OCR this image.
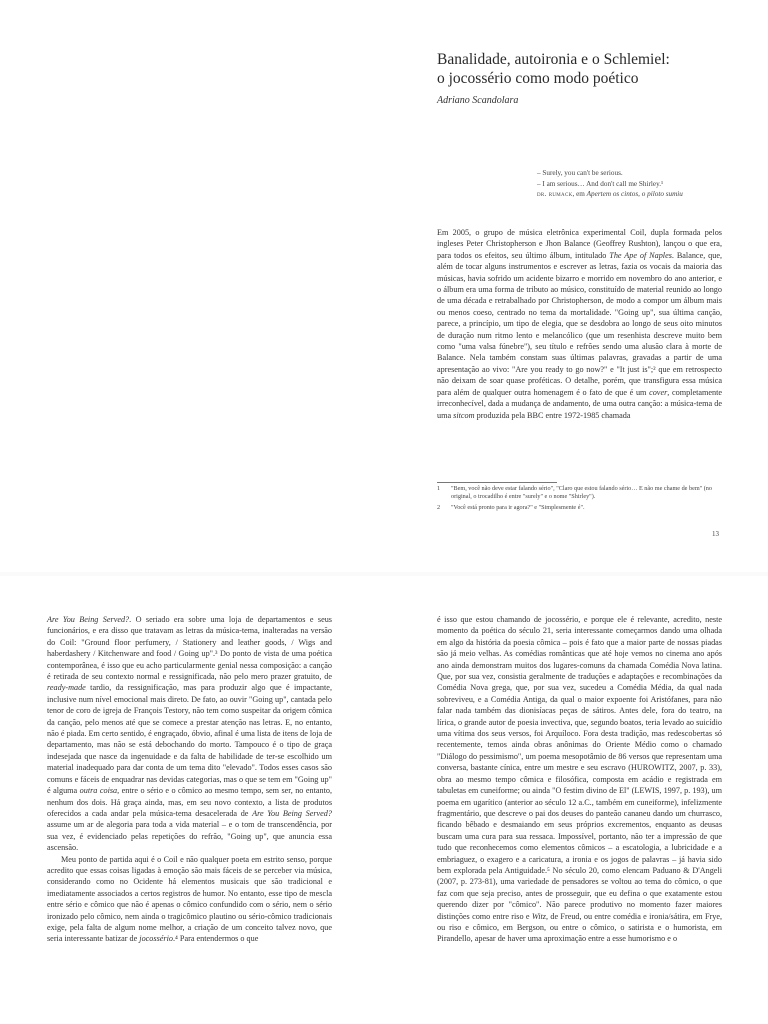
Banalidade, autoironia e o Schlemiel:
o jocossério como modo poético
Adriano Scandolara
– Surely, you can't be serious.
– I am serious… And don't call me Shirley.¹
dr. rumack, em Apertem os cintos, o piloto sumiu

Em 2005, o grupo de música eletrônica experimental Coil, dupla formada pelos ingleses Peter Christopherson e Jhon Balance (Geoffrey Rushton), lançou o que era, para todos os efeitos, seu último álbum, intitulado The Ape of Naples. Balance, que, além de tocar alguns instrumentos e escrever as letras, fazia os vocais da maioria das músicas, havia sofrido um acidente bizarro e morrido em novembro do ano anterior, e o álbum era uma forma de tributo ao músico, constituído de material reunido ao longo de uma década e retrabalhado por Christopherson, de modo a compor um álbum mais ou menos coeso, centrado no tema da mortalidade. "Going up", sua última canção, parece, a princípio, um tipo de elegia, que se desdobra ao longo de seus oito minutos de duração num ritmo lento e melancólico (que um resenhista descreve muito bem como "uma valsa fúnebre"), seu título e refrões sendo uma alusão clara à morte de Balance. Nela também constam suas últimas palavras, gravadas a partir de uma apresentação ao vivo: "Are you ready to go now?" e "It just is";² que em retrospecto não deixam de soar quase proféticas. O detalhe, porém, que transfigura essa música para além de qualquer outra homenagem é o fato de que é um cover, completamente irreconhecível, dada a mudança de andamento, de uma outra canção: a música-tema de uma sitcom produzida pela BBC entre 1972-1985 chamada

1	"Bem, você não deve estar falando sério", "Claro que estou falando sério… E não me chame de bem" (no original, o trocadilho é entre "surely" e o nome "Shirley").
2	"Você está pronto para ir agora?" e "Simplesmente é".
13

Are You Being Served?. O seriado era sobre uma loja de departamentos e seus funcionários, e era disso que tratavam as letras da música-tema, inalteradas na versão do Coil: "Ground floor perfumery, / Stationery and leather goods, / Wigs and haberdashery / Kitchenware and food / Going up".³ Do ponto de vista de uma poética contemporânea, é isso que eu acho particularmente genial nessa composição: a canção é retirada de seu contexto normal e ressignificada, não pelo mero prazer gratuito, de ready-made tardio, da ressignificação, mas para produzir algo que é impactante, inclusive num nível emocional mais direto. De fato, ao ouvir "Going up", cantada pelo tenor de coro de igreja de François Testory, não tem como suspeitar da origem cômica da canção, pelo menos até que se comece a prestar atenção nas letras. E, no entanto, não é piada. Em certo sentido, é engraçado, óbvio, afinal é uma lista de itens de loja de departamento, mas não se está debochando do morto. Tampouco é o tipo de graça indesejada que nasce da ingenuidade e da falta de habilidade de ter-se escolhido um material inadequado para dar conta de um tema dito "elevado". Todos esses casos são comuns e fáceis de enquadrar nas devidas categorias, mas o que se tem em "Going up" é alguma outra coisa, entre o sério e o cômico ao mesmo tempo, sem ser, no entanto, nenhum dos dois. Há graça ainda, mas, em seu novo contexto, a lista de produtos oferecidos a cada andar pela música-tema desacelerada de Are You Being Served? assume um ar de alegoria para toda a vida material – e o tom de transcendência, por sua vez, é evidenciado pelas repetições do refrão, "Going up", que anuncia essa ascensão.

Meu ponto de partida aqui é o Coil e não qualquer poeta em estrito senso, porque acredito que essas coisas ligadas à emoção são mais fáceis de se perceber via música, considerando como no Ocidente há elementos musicais que são tradicional e imediatamente associados a certos registros de humor. No entanto, esse tipo de mescla entre sério e cômico que não é apenas o cômico confundido com o sério, nem o sério ironizado pelo cômico, nem ainda o tragicômico plautino ou sério-cômico tradicionais exige, pela falta de algum nome melhor, a criação de um conceito talvez novo, que seria interessante batizar de jocossério.⁴ Para entendermos o que

é isso que estou chamando de jocossério, e porque ele é relevante, acredito, neste momento da poética do século 21, seria interessante começarmos dando uma olhada em algo da história da poesia cômica – pois é fato que a maior parte de nossas piadas são já meio velhas. As comédias românticas que até hoje vemos no cinema ano após ano ainda demonstram muitos dos lugares-comuns da chamada Comédia Nova latina. Que, por sua vez, consistia geralmente de traduções e adaptações e recombinações da Comédia Nova grega, que, por sua vez, sucedeu a Comédia Média, da qual nada sobreviveu, e a Comédia Antiga, da qual o maior expoente foi Aristófanes, para não falar nada também das dionisíacas peças de sátiros. Antes dele, fora do teatro, na lírica, o grande autor de poesia invectiva, que, segundo boatos, teria levado ao suicídio uma vítima dos seus versos, foi Arquíloco. Fora desta tradição, mas redescobertas só recentemente, temos ainda obras anônimas do Oriente Médio como o chamado "Diálogo do pessimismo", um poema mesopotâmio de 86 versos que representam uma conversa, bastante cínica, entre um mestre e seu escravo (HUROWITZ, 2007, p. 33), obra ao mesmo tempo cômica e filosófica, composta em acádio e registrada em tabuletas em cuneiforme; ou ainda "O festim divino de El" (LEWIS, 1997, p. 193), um poema em ugarítico (anterior ao século 12 a.C., também em cuneiforme), infelizmente fragmentário, que descreve o pai dos deuses do panteão cananeu dando um churrasco, ficando bêbado e desmaiando em seus próprios excrementos, enquanto as deusas buscam uma cura para sua ressaca. Impossível, portanto, não ter a impressão de que tudo que reconhecemos como elementos cômicos – a escatologia, a lubricidade e a embriaguez, o exagero e a caricatura, a ironia e os jogos de palavras – já havia sido bem explorada pela Antiguidade.⁵ No século 20, como elencam Paduano & D'Angeli (2007, p. 273-81), uma variedade de pensadores se voltou ao tema do cômico, o que faz com que seja preciso, antes de prosseguir, que eu defina o que exatamente estou querendo dizer por "cômico". Não parece produtivo no momento fazer maiores distinções como entre riso e Witz, de Freud, ou entre comédia e ironia/sátira, em Frye, ou riso e cômico, em Bergson, ou entre o cômico, o satirista e o humorista, em Pirandello, apesar de haver uma aproximação entre a esse humorismo e o
